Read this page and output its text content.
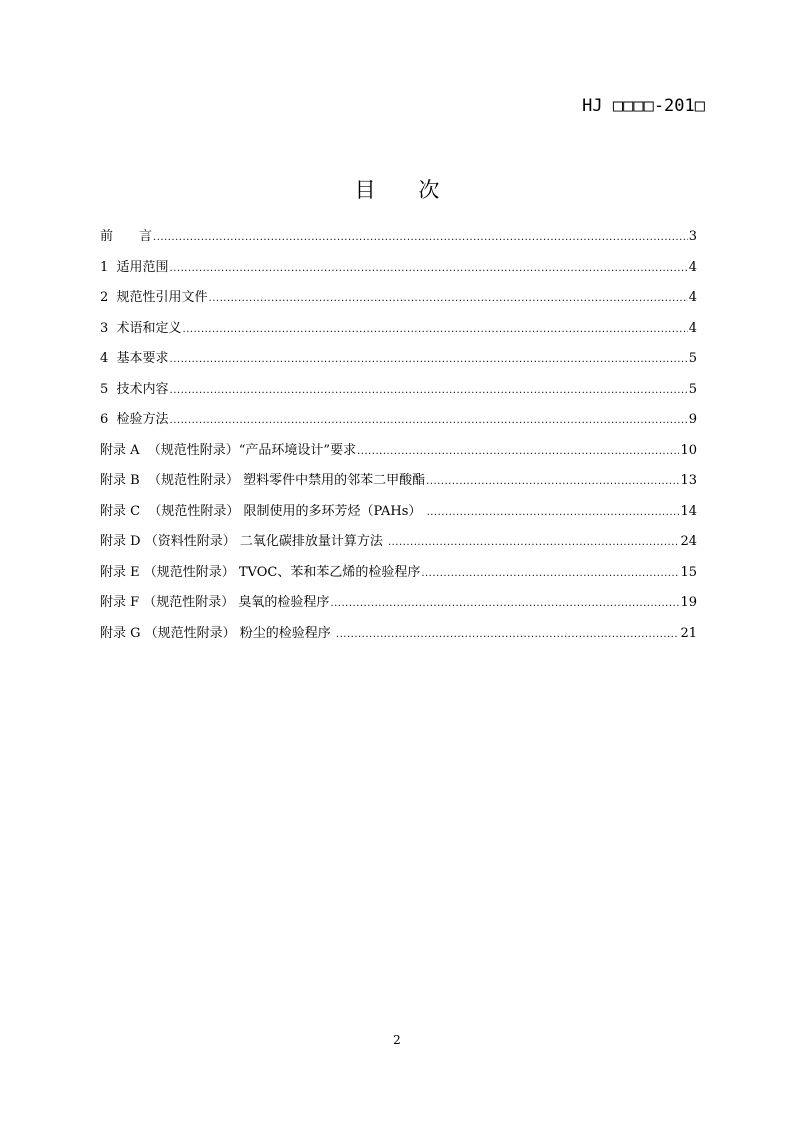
HJ □□□□-201□
目 次
前　　言 .....	3
1  适用范围 .....	4
2  规范性引用文件 .....	4
3  术语和定义 .....	4
4  基本要求 .....	5
5  技术内容 .....	5
6  检验方法 .....	9
附录 A  （规范性附录）“产品环境设计”要求 .....	10
附录 B  （规范性附录） 塑料零件中禁用的邻苯二甲酸酯 .....	13
附录 C  （规范性附录） 限制使用的多环芳烃（PAHs） .....	14
附录 D （资料性附录） 二氧化碳排放量计算方法 .....	24
附录 E （规范性附录） TVOC、苯和苯乙烯的检验程序 .....	15
附录 F （规范性附录） 臭氧的检验程序 .....	19
附录 G （规范性附录） 粉尘的检验程序 .....	21
2
